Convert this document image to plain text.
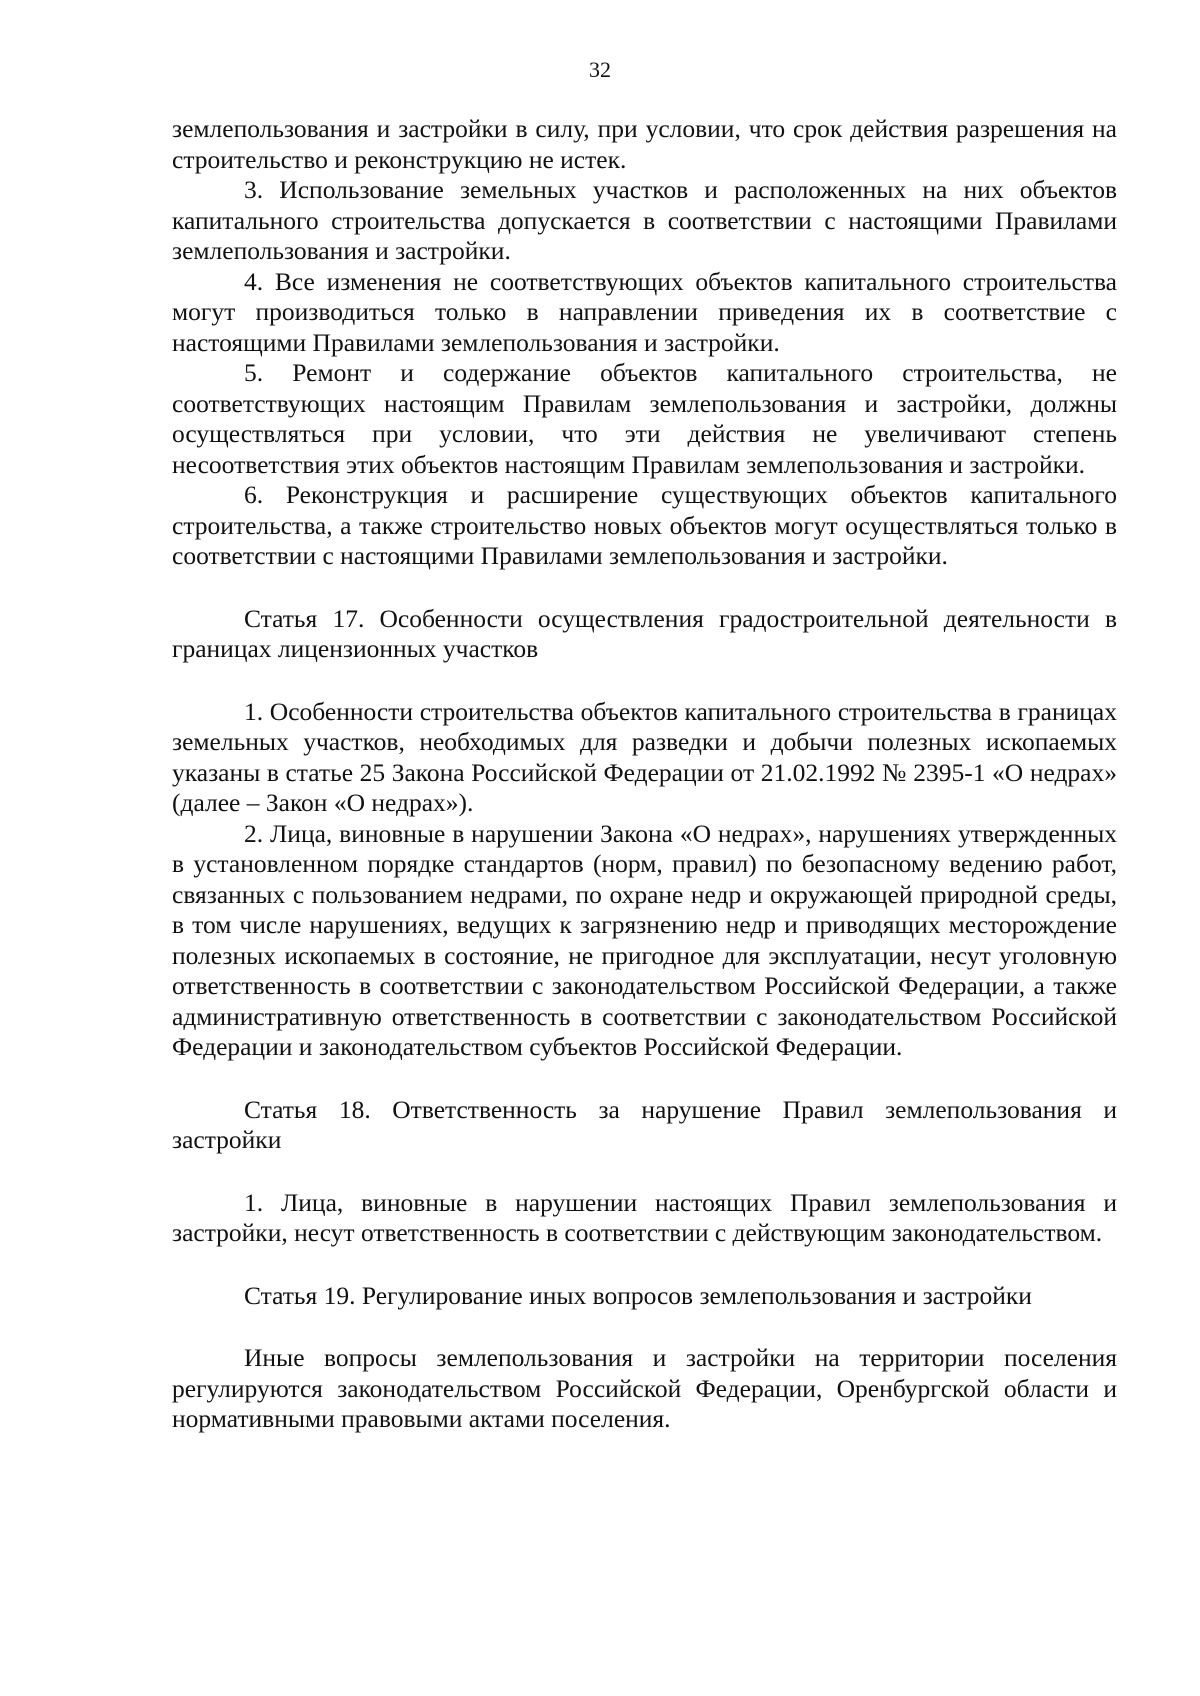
32

землепользования и застройки в силу, при условии, что срок действия разрешения на строительство и реконструкцию не истек.

3. Использование земельных участков и расположенных на них объектов капитального строительства допускается в соответствии с настоящими Правилами землепользования и застройки.

4. Все изменения не соответствующих объектов капитального строительства могут производиться только в направлении приведения их в соответствие с настоящими Правилами землепользования и застройки.

5. Ремонт и содержание объектов капитального строительства, не соответствующих настоящим Правилам землепользования и застройки, должны осуществляться при условии, что эти действия не увеличивают степень несоответствия этих объектов настоящим Правилам землепользования и застройки.

6. Реконструкция и расширение существующих объектов капитального строительства, а также строительство новых объектов могут осуществляться только в соответствии с настоящими Правилами землепользования и застройки.

Статья 17. Особенности осуществления градостроительной деятельности в границах лицензионных участков

1. Особенности строительства объектов капитального строительства в границах земельных участков, необходимых для разведки и добычи полезных ископаемых указаны в статье 25 Закона Российской Федерации от 21.02.1992 № 2395-1 «О недрах» (далее – Закон «О недрах»).

2. Лица, виновные в нарушении Закона «О недрах», нарушениях утвержденных в установленном порядке стандартов (норм, правил) по безопасному ведению работ, связанных с пользованием недрами, по охране недр и окружающей природной среды, в том числе нарушениях, ведущих к загрязнению недр и приводящих месторождение полезных ископаемых в состояние, не пригодное для эксплуатации, несут уголовную ответственность в соответствии с законодательством Российской Федерации, а также административную ответственность в соответствии с законодательством Российской Федерации и законодательством субъектов Российской Федерации.

Статья 18. Ответственность за нарушение Правил землепользования и застройки

1. Лица, виновные в нарушении настоящих Правил землепользования и застройки, несут ответственность в соответствии с действующим законодательством.

Статья 19. Регулирование иных вопросов землепользования и застройки

Иные вопросы землепользования и застройки на территории поселения регулируются законодательством Российской Федерации, Оренбургской области и нормативными правовыми актами поселения.
